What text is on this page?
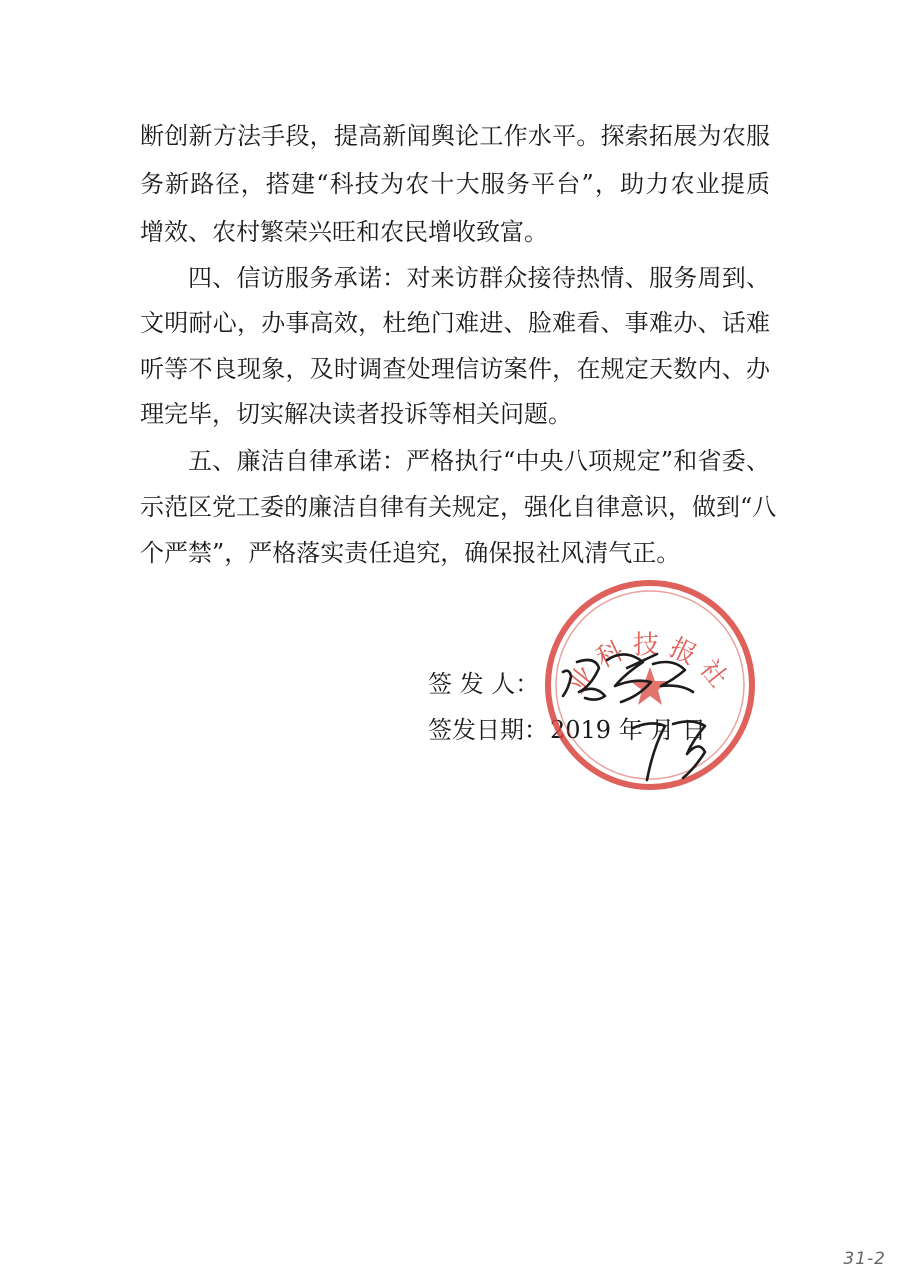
断创新方法手段，提高新闻舆论工作水平。探索拓展为农服
务新路径，搭建“科技为农十大服务平台”，助力农业提质
增效、农村繁荣兴旺和农民增收致富。
四、信访服务承诺：对来访群众接待热情、服务周到、
文明耐心，办事高效，杜绝门难进、脸难看、事难办、话难
听等不良现象，及时调查处理信访案件，在规定天数内、办
理完毕，切实解决读者投诉等相关问题。
五、廉洁自律承诺：严格执行“中央八项规定”和省委、
示范区党工委的廉洁自律有关规定，强化自律意识，做到“八
个严禁”，严格落实责任追究，确保报社风清气正。
签 发 人：
签发日期：2019 年 月 日
业科技报社
31-2
